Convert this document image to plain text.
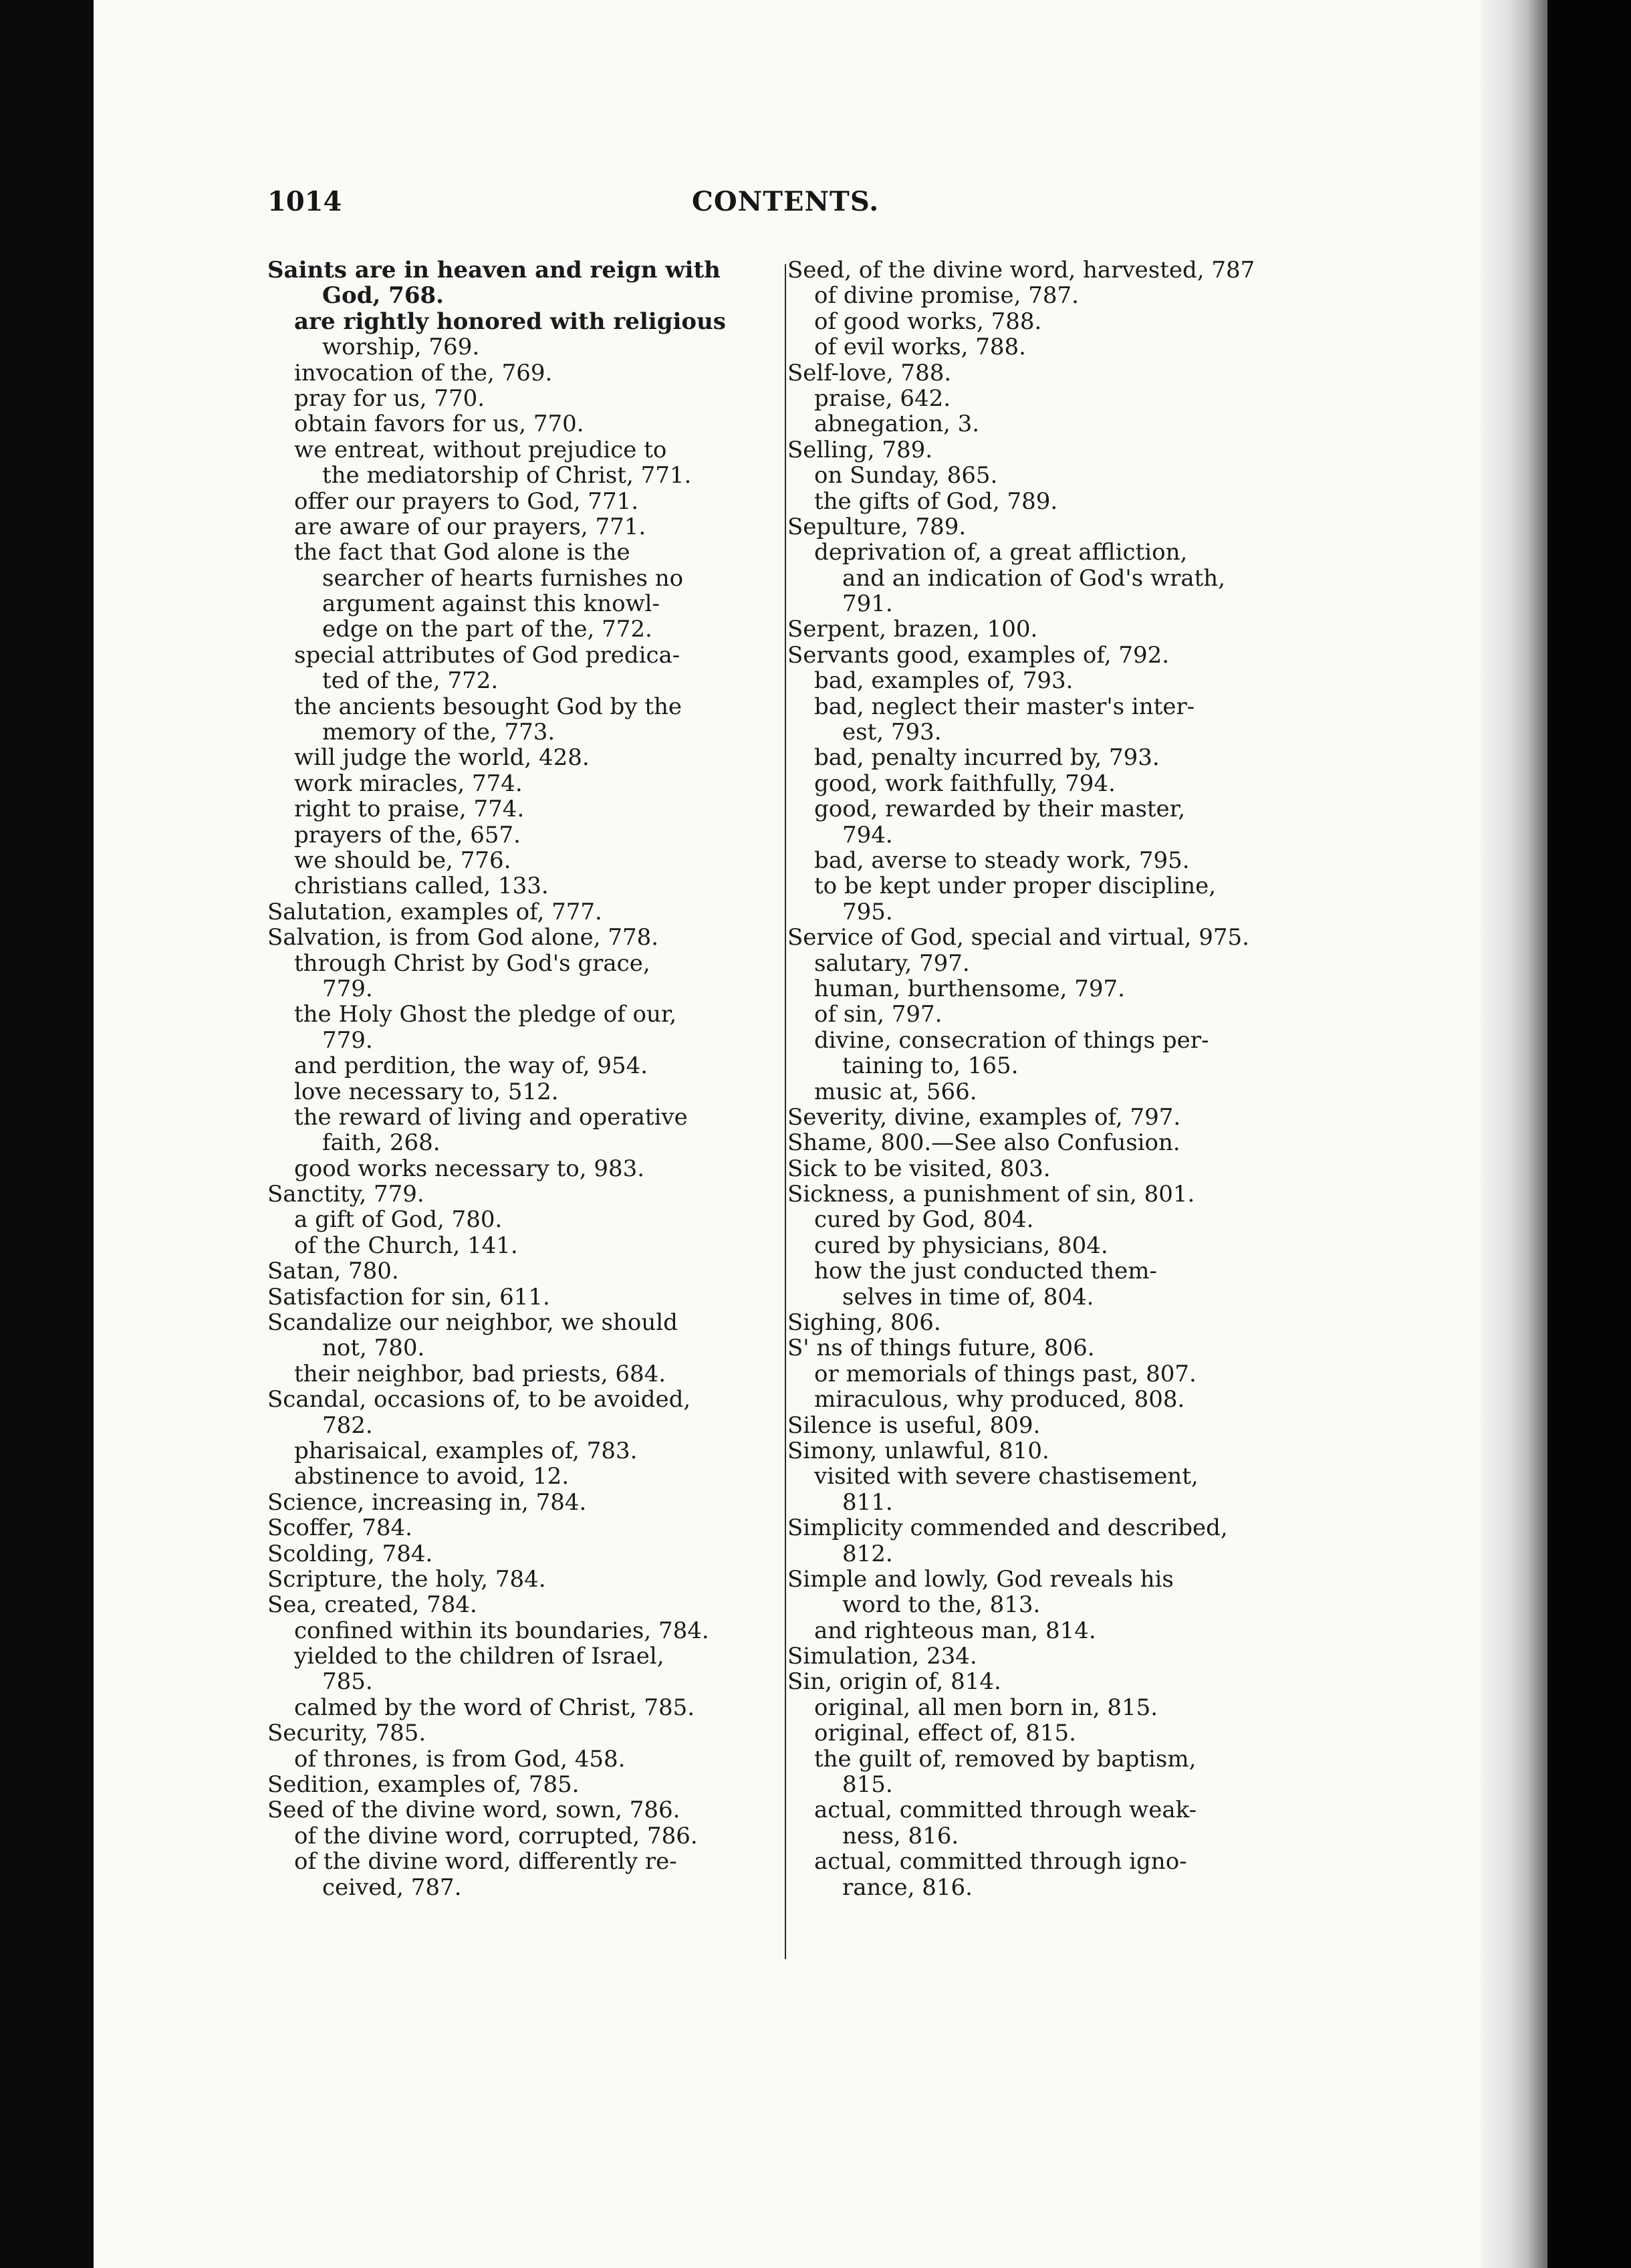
1014	CONTENTS.
Saints are in heaven and reign with
God, 768.
are rightly honored with religious
worship, 769.
invocation of the, 769.
pray for us, 770.
obtain favors for us, 770.
we entreat, without prejudice to
the mediatorship of Christ, 771.
offer our prayers to God, 771.
are aware of our prayers, 771.
the fact that God alone is the
searcher of hearts furnishes no
argument against this knowl-
edge on the part of the, 772.
special attributes of God predica-
ted of the, 772.
the ancients besought God by the
memory of the, 773.
will judge the world, 428.
work miracles, 774.
right to praise, 774.
prayers of the, 657.
we should be, 776.
christians called, 133.
Salutation, examples of, 777.
Salvation, is from God alone, 778.
through Christ by God's grace,
779.
the Holy Ghost the pledge of our,
779.
and perdition, the way of, 954.
love necessary to, 512.
the reward of living and operative
faith, 268.
good works necessary to, 983.
Sanctity, 779.
a gift of God, 780.
of the Church, 141.
Satan, 780.
Satisfaction for sin, 611.
Scandalize our neighbor, we should
not, 780.
their neighbor, bad priests, 684.
Scandal, occasions of, to be avoided,
782.
pharisaical, examples of, 783.
abstinence to avoid, 12.
Science, increasing in, 784.
Scoffer, 784.
Scolding, 784.
Scripture, the holy, 784.
Sea, created, 784.
confined within its boundaries, 784.
yielded to the children of Israel,
785.
calmed by the word of Christ, 785.
Security, 785.
of thrones, is from God, 458.
Sedition, examples of, 785.
Seed of the divine word, sown, 786.
of the divine word, corrupted, 786.
of the divine word, differently re-
ceived, 787.
Seed, of the divine word, harvested, 787
of divine promise, 787.
of good works, 788.
of evil works, 788.
Self-love, 788.
praise, 642.
abnegation, 3.
Selling, 789.
on Sunday, 865.
the gifts of God, 789.
Sepulture, 789.
deprivation of, a great affliction,
and an indication of God's wrath,
791.
Serpent, brazen, 100.
Servants good, examples of, 792.
bad, examples of, 793.
bad, neglect their master's inter-
est, 793.
bad, penalty incurred by, 793.
good, work faithfully, 794.
good, rewarded by their master,
794.
bad, averse to steady work, 795.
to be kept under proper discipline,
795.
Service of God, special and virtual, 975.
salutary, 797.
human, burthensome, 797.
of sin, 797.
divine, consecration of things per-
taining to, 165.
music at, 566.
Severity, divine, examples of, 797.
Shame, 800.—See also Confusion.
Sick to be visited, 803.
Sickness, a punishment of sin, 801.
cured by God, 804.
cured by physicians, 804.
how the just conducted them-
selves in time of, 804.
Sighing, 806.
S' ns of things future, 806.
or memorials of things past, 807.
miraculous, why produced, 808.
Silence is useful, 809.
Simony, unlawful, 810.
visited with severe chastisement,
811.
Simplicity commended and described,
812.
Simple and lowly, God reveals his
word to the, 813.
and righteous man, 814.
Simulation, 234.
Sin, origin of, 814.
original, all men born in, 815.
original, effect of, 815.
the guilt of, removed by baptism,
815.
actual, committed through weak-
ness, 816.
actual, committed through igno-
rance, 816.
